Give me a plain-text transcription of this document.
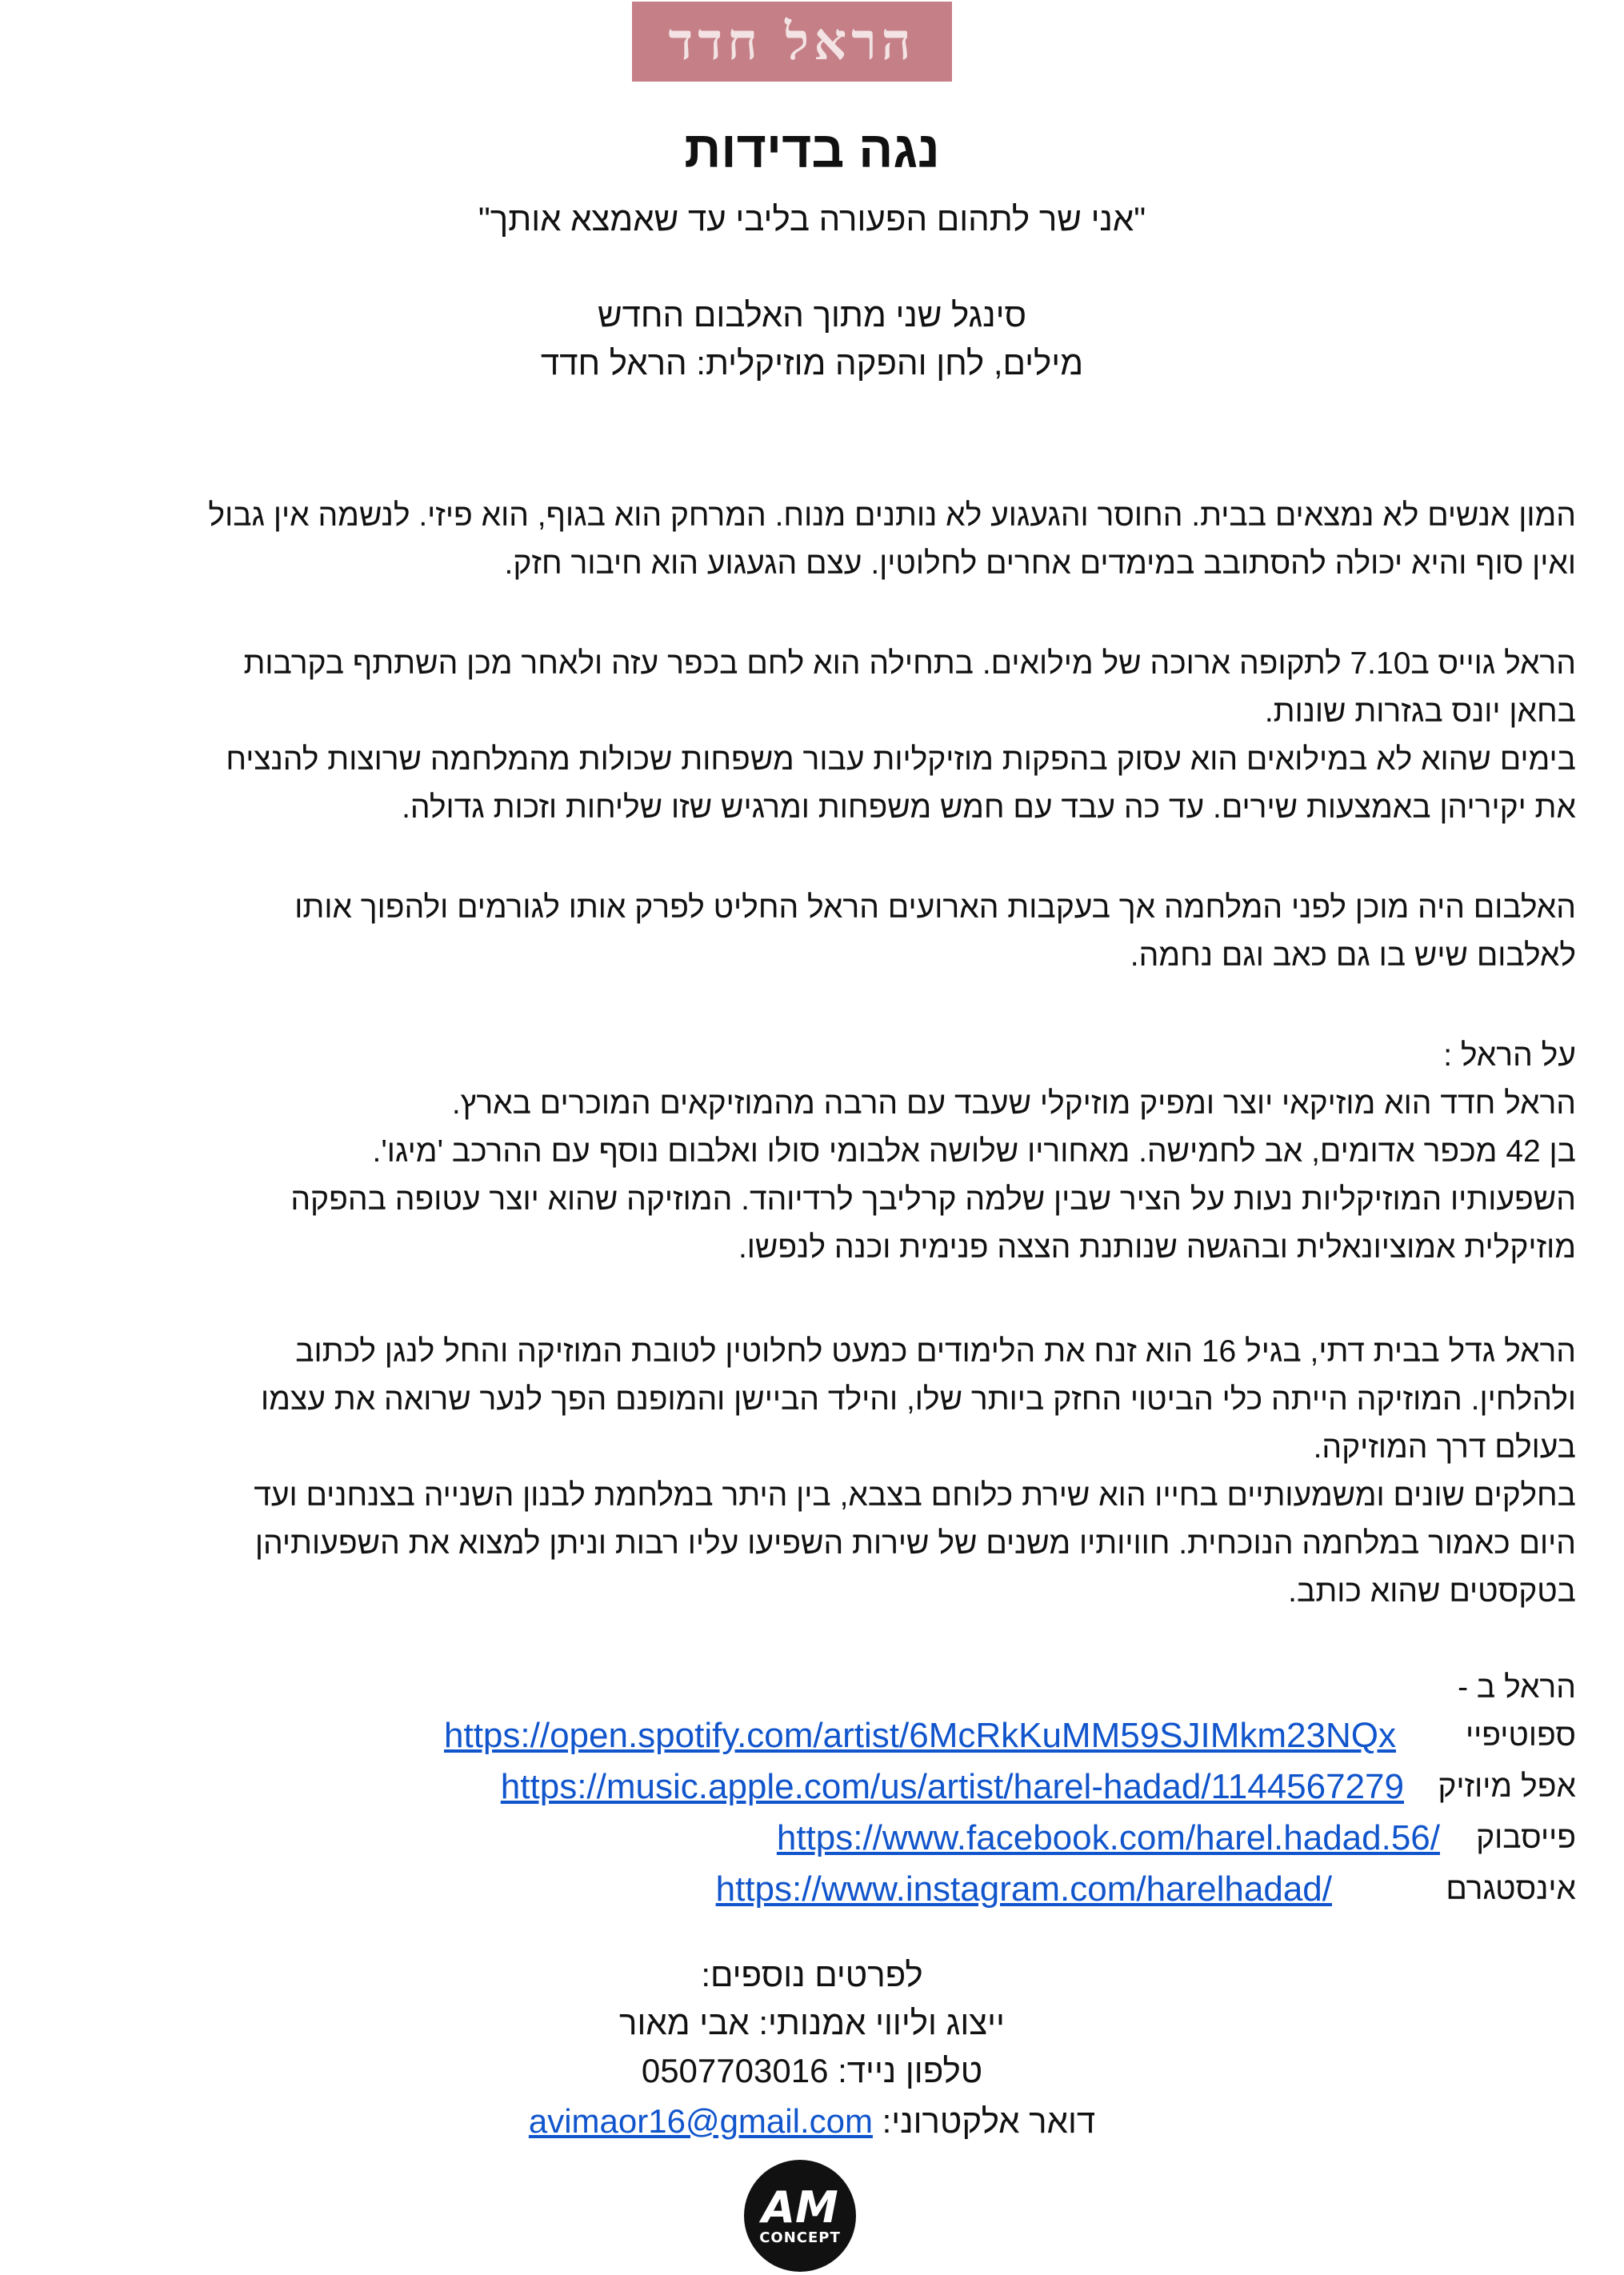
הראל חדד
נגה בדידות
"אני שר לתהום הפעורה בליבי עד שאמצא אותך"
סינגל שני מתוך האלבום החדש
מילים, לחן והפקה מוזיקלית: הראל חדד

המון אנשים לא נמצאים בבית. החוסר והגעגוע לא נותנים מנוח. המרחק הוא בגוף, הוא פיזי. לנשמה אין גבול

ואין סוף והיא יכולה להסתובב במימדים אחרים לחלוטין. עצם הגעגוע הוא חיבור חזק.

הראל גוייס ב7.10 לתקופה ארוכה של מילואים. בתחילה הוא לחם בכפר עזה ולאחר מכן השתתף בקרבות

בחאן יונס בגזרות שונות.

בימים שהוא לא במילואים הוא עסוק בהפקות מוזיקליות עבור משפחות שכולות מהמלחמה שרוצות להנציח

את יקיריהן באמצעות שירים. עד כה עבד עם חמש משפחות ומרגיש שזו שליחות וזכות גדולה.

האלבום היה מוכן לפני המלחמה אך בעקבות הארועים הראל החליט לפרק אותו לגורמים ולהפוך אותו

לאלבום שיש בו גם כאב וגם נחמה.

על הראל :

הראל חדד הוא מוזיקאי יוצר ומפיק מוזיקלי שעבד עם הרבה מהמוזיקאים המוכרים בארץ.

בן 42 מכפר אדומים, אב לחמישה. מאחוריו שלושה אלבומי סולו ואלבום נוסף עם ההרכב 'מיגו'.

השפעותיו המוזיקליות נעות על הציר שבין שלמה קרליבך לרדיוהד. המוזיקה שהוא יוצר עטופה בהפקה

מוזיקלית אמוציונאלית ובהגשה שנותנת הצצה פנימית וכנה לנפשו.

הראל גדל בבית דתי, בגיל 16 הוא זנח את הלימודים כמעט לחלוטין לטובת המוזיקה והחל לנגן לכתוב

ולהלחין. המוזיקה הייתה כלי הביטוי החזק ביותר שלו, והילד הביישן והמופנם הפך לנער שרואה את עצמו

בעולם דרך המוזיקה.

בחלקים שונים ומשמעותיים בחייו הוא שירת כלוחם בצבא, בין היתר במלחמת לבנון השנייה בצנחנים ועד

היום כאמור במלחמה הנוכחית. חוויותיו משנים של שירות השפיעו עליו רבות וניתן למצוא את השפעותיהן

בטקסטים שהוא כותב.

הראל ב -

ספוטיפיי
https://open.spotify.com/artist/6McRkKuMM59SJIMkm23NQx
אפל מיוזיק
https://music.apple.com/us/artist/harel-hadad/1144567279
פייסבוק
https://www.facebook.com/harel.hadad.56/
אינסטגרם
https://www.instagram.com/harelhadad/
לפרטים נוספים:
ייצוג וליווי אמנותי: אבי מאור
טלפון נייד: 0507703016
דואר אלקטרוני: avimaor16@gmail.com
AM
CONCEPT
